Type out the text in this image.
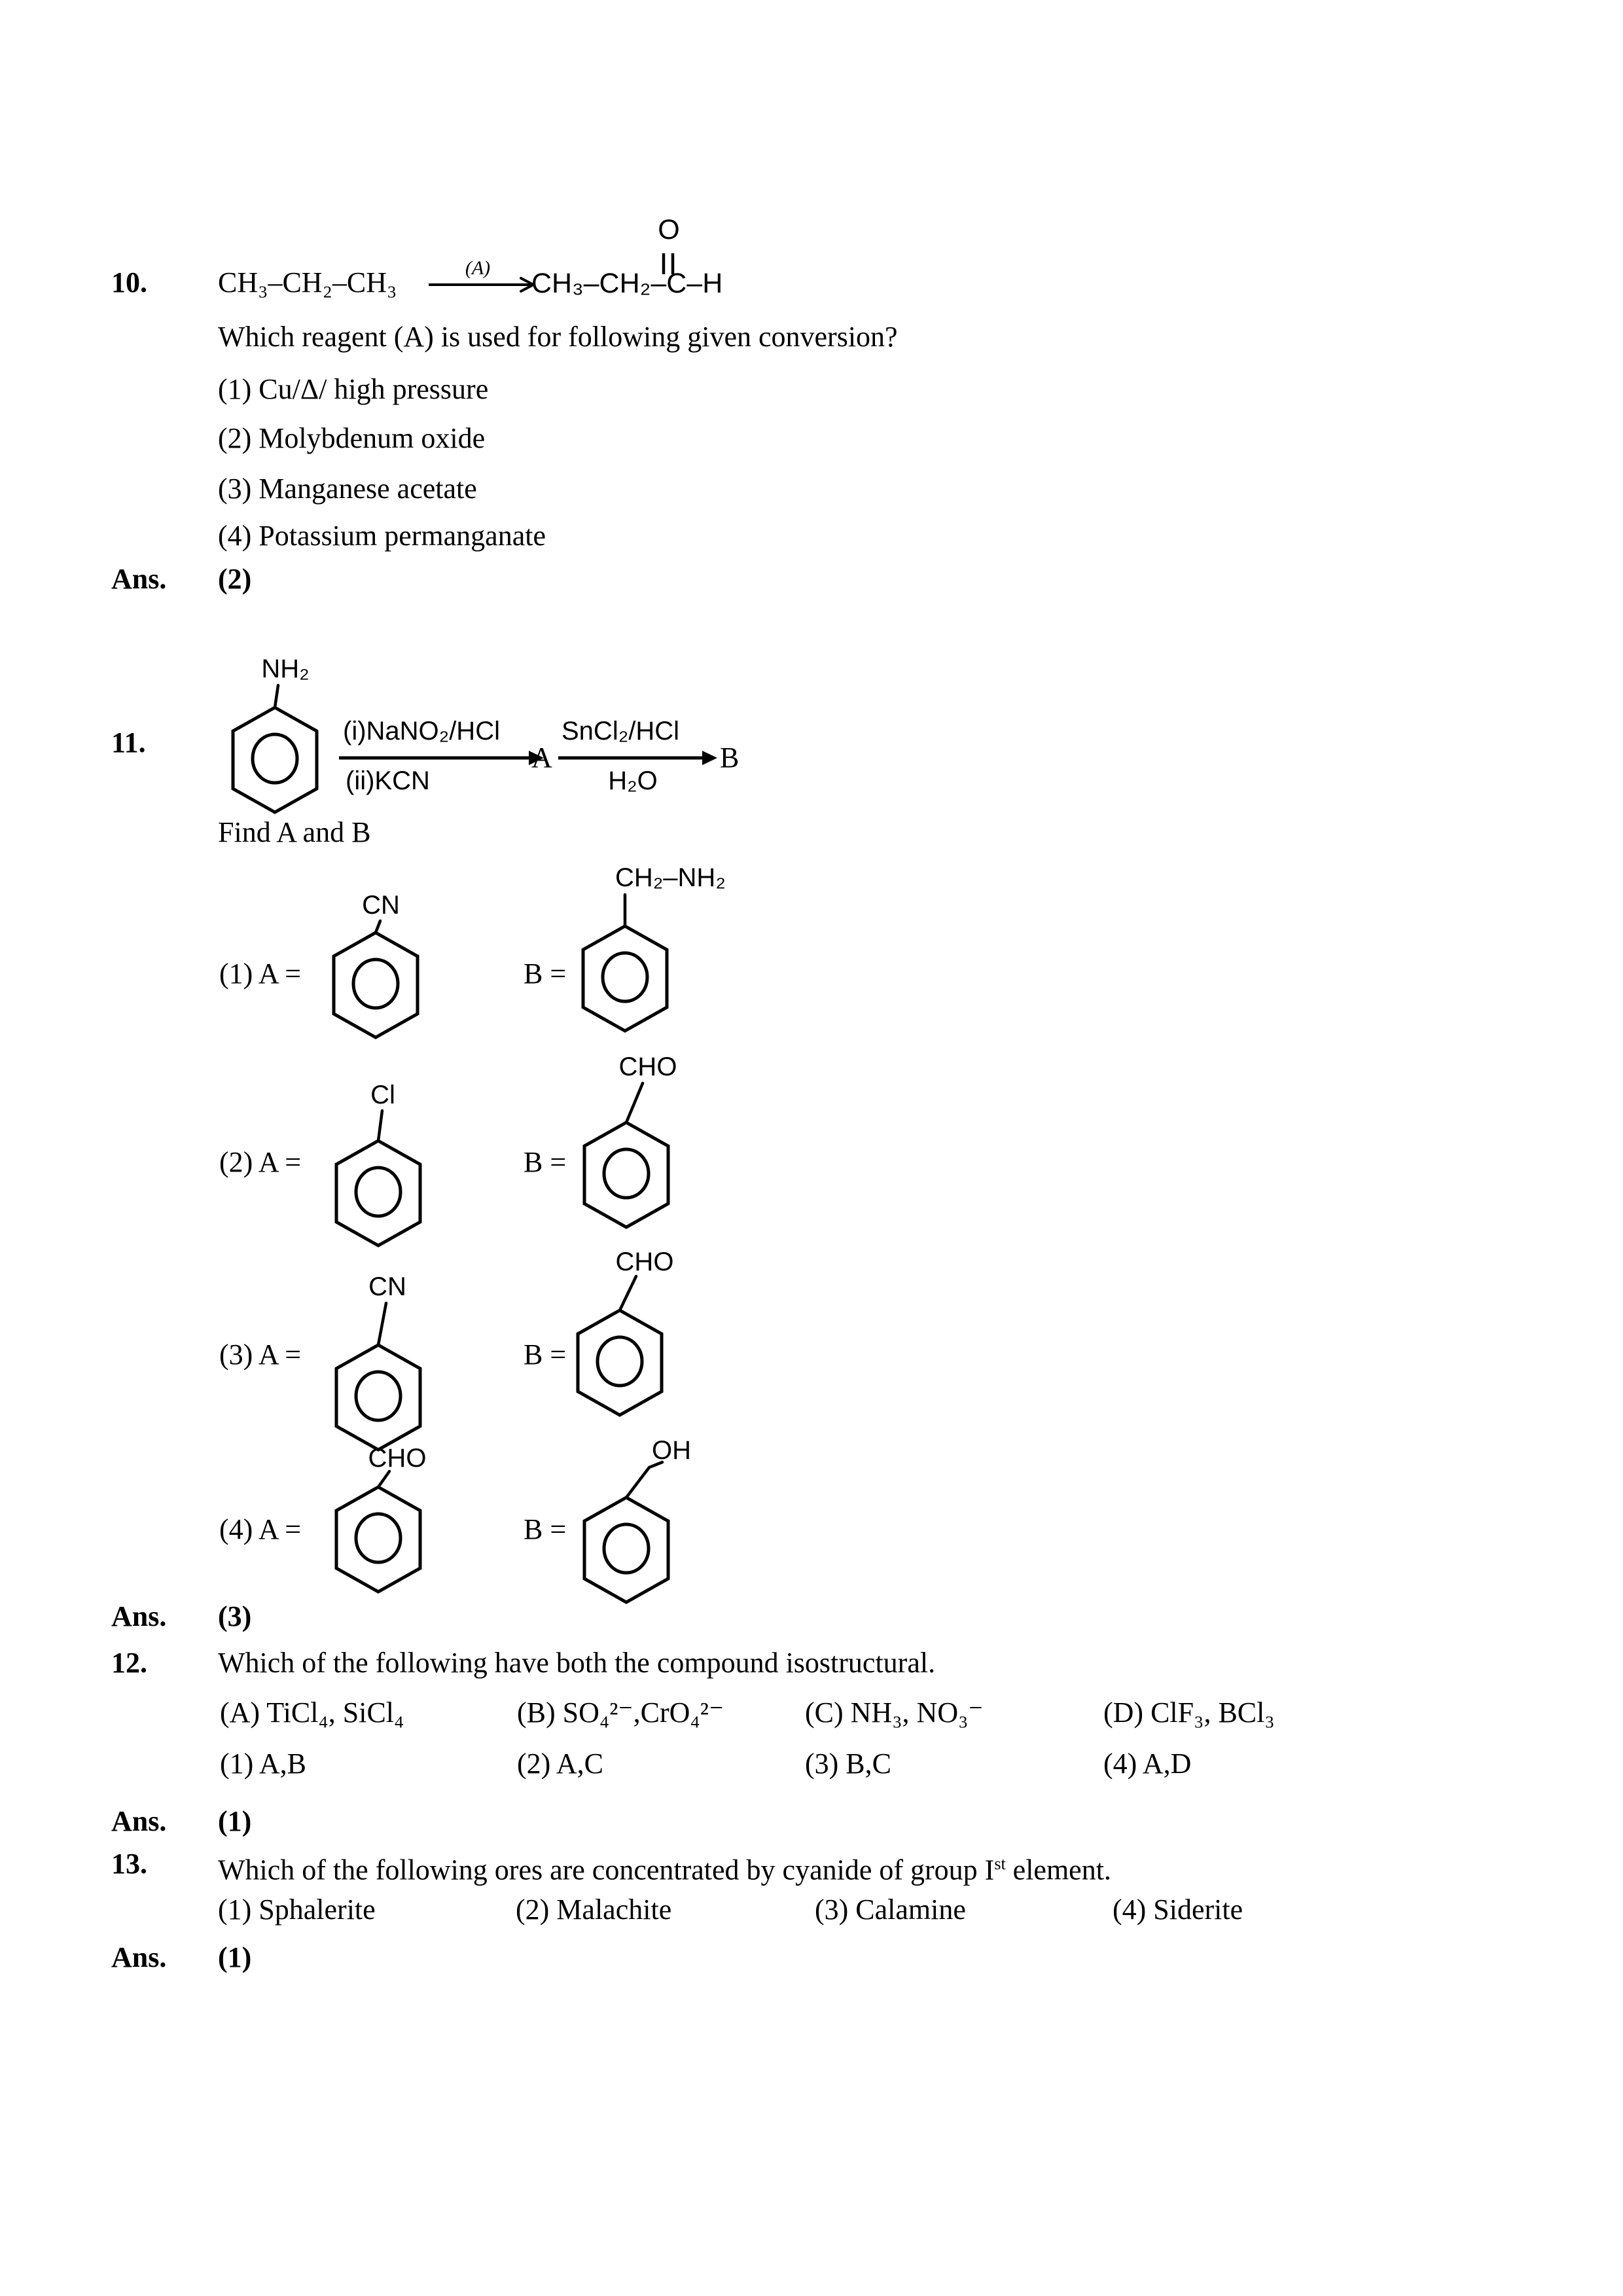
10. CH₃–CH₂–CH₃	(A) CH₃–CH₂–C–H
O
Which reagent (A) is used for following given conversion?
(1) Cu/Δ/ high pressure
(2) Molybdenum oxide
(3) Manganese acetate
(4) Potassium permanganate
Ans. (2)
11.
NH₂
(i)NaNO₂/HCl
(ii)KCN
A
SnCl₂/HCl
H₂O
B
Find A and B
(1) A =
CN
B =
CH₂–NH₂
(2) A =
Cl
B =
CHO
(3) A =
CN
B =
CHO
(4) A =
CHO
B =
OH
Ans. (3)
12. Which of the following have both the compound isostructural.
(A) TiCl₄, SiCl₄	(B) SO₄²⁻,CrO₄²⁻	(C) NH₃, NO₃⁻	(D) ClF₃, BCl₃
(1) A,B	(2) A,C	(3) B,C	(4) A,D
Ans. (1)
13. Which of the following ores are concentrated by cyanide of group Ist element.
(1) Sphalerite	(2) Malachite	(3) Calamine	(4) Siderite
Ans. (1)
